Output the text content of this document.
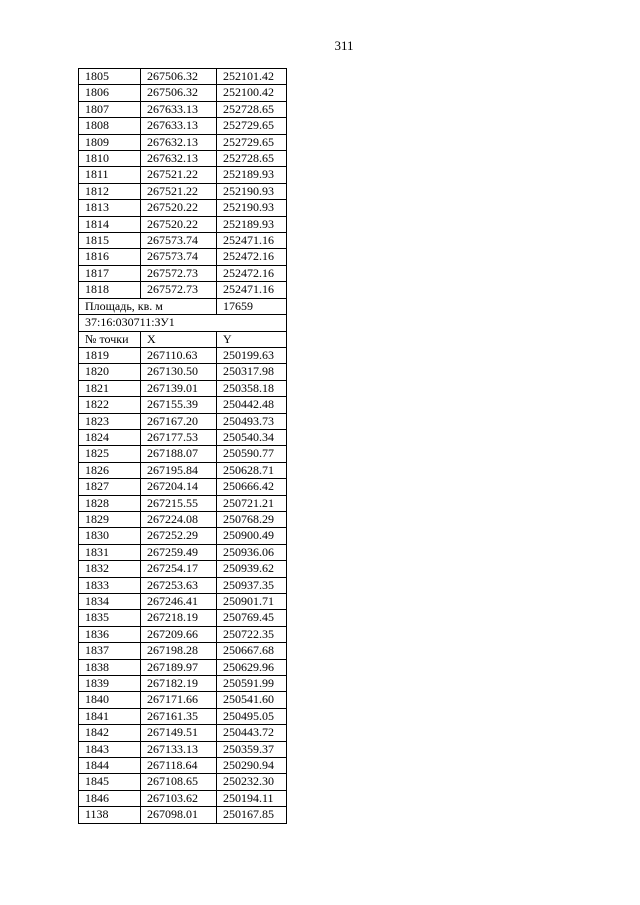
311
1805	267506.32	252101.42
1806	267506.32	252100.42
1807	267633.13	252728.65
1808	267633.13	252729.65
1809	267632.13	252729.65
1810	267632.13	252728.65
1811	267521.22	252189.93
1812	267521.22	252190.93
1813	267520.22	252190.93
1814	267520.22	252189.93
1815	267573.74	252471.16
1816	267573.74	252472.16
1817	267572.73	252472.16
1818	267572.73	252471.16
Площадь, кв. м		17659
37:16:030711:ЗУ1		
№ точки	X	Y
1819	267110.63	250199.63
1820	267130.50	250317.98
1821	267139.01	250358.18
1822	267155.39	250442.48
1823	267167.20	250493.73
1824	267177.53	250540.34
1825	267188.07	250590.77
1826	267195.84	250628.71
1827	267204.14	250666.42
1828	267215.55	250721.21
1829	267224.08	250768.29
1830	267252.29	250900.49
1831	267259.49	250936.06
1832	267254.17	250939.62
1833	267253.63	250937.35
1834	267246.41	250901.71
1835	267218.19	250769.45
1836	267209.66	250722.35
1837	267198.28	250667.68
1838	267189.97	250629.96
1839	267182.19	250591.99
1840	267171.66	250541.60
1841	267161.35	250495.05
1842	267149.51	250443.72
1843	267133.13	250359.37
1844	267118.64	250290.94
1845	267108.65	250232.30
1846	267103.62	250194.11
1138	267098.01	250167.85
